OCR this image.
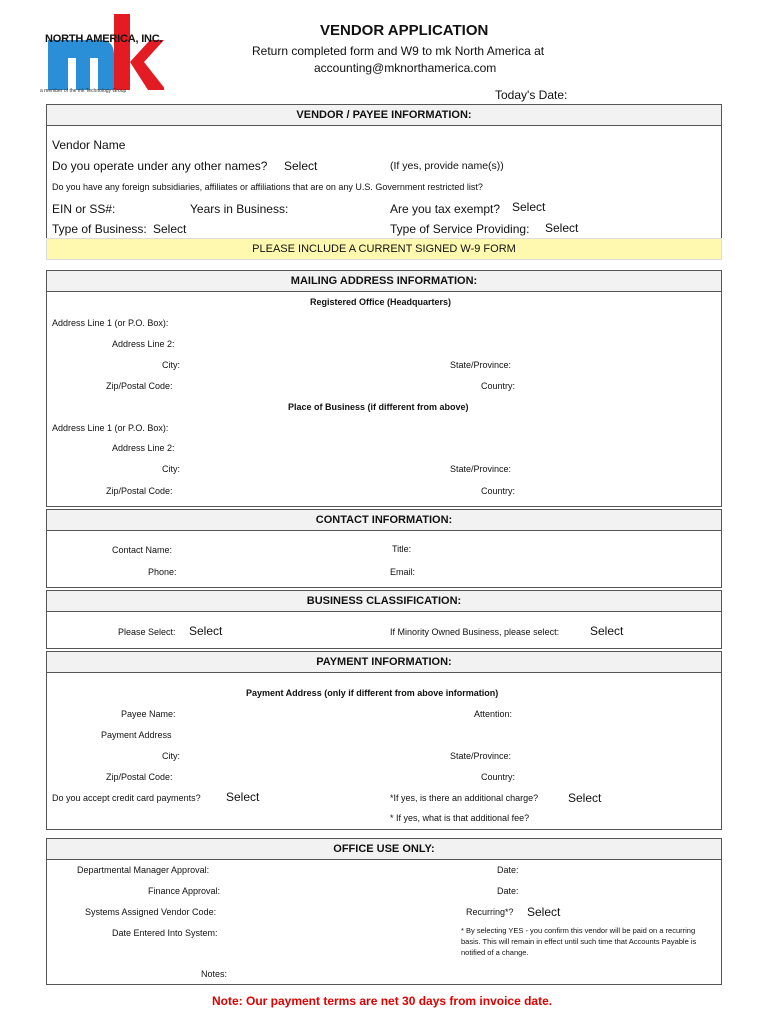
NORTH AMERICA, INC.
a member of the mk Technology Group
VENDOR APPLICATION
Return completed form and W9 to mk North America at
accounting@mknorthamerica.com
Today's Date:
VENDOR / PAYEE INFORMATION:
Vendor Name
Do you operate under any other names? Select	(If yes, provide name(s))
Do you have any foreign subsidiaries, affiliates or affiliations that are on any U.S. Government restricted list?
EIN or SS#:	Years in Business:	Are you tax exempt? Select
Type of Business: Select	Type of Service Providing: Select
PLEASE INCLUDE A CURRENT SIGNED W-9 FORM
MAILING ADDRESS INFORMATION:
Registered Office (Headquarters)
Address Line 1 (or P.O. Box):
Address Line 2:
City:	State/Province:
Zip/Postal Code:	Country:
Place of Business (if different from above)
Address Line 1 (or P.O. Box):
Address Line 2:
City:	State/Province:
Zip/Postal Code:	Country:
CONTACT INFORMATION:
Contact Name:	Title:
Phone:	Email:
BUSINESS CLASSIFICATION:
Please Select: Select	If Minority Owned Business, please select:	Select
PAYMENT INFORMATION:
Payment Address (only if different from above information)
Payee Name:	Attention:
Payment Address
City:	State/Province:
Zip/Postal Code:	Country:
Do you accept credit card payments? Select	*If yes, is there an additional charge? Select
* If yes, what is that additional fee?
OFFICE USE ONLY:
Departmental Manager Approval:	Date:
Finance Approval:	Date:
Systems Assigned Vendor Code:	Recurring*? Select
Date Entered Into System:	* By selecting YES - you confirm this vendor will be paid on a recurring basis. This will remain in effect until such time that Accounts Payable is notified of a change.
Notes:
Note: Our payment terms are net 30 days from invoice date.
